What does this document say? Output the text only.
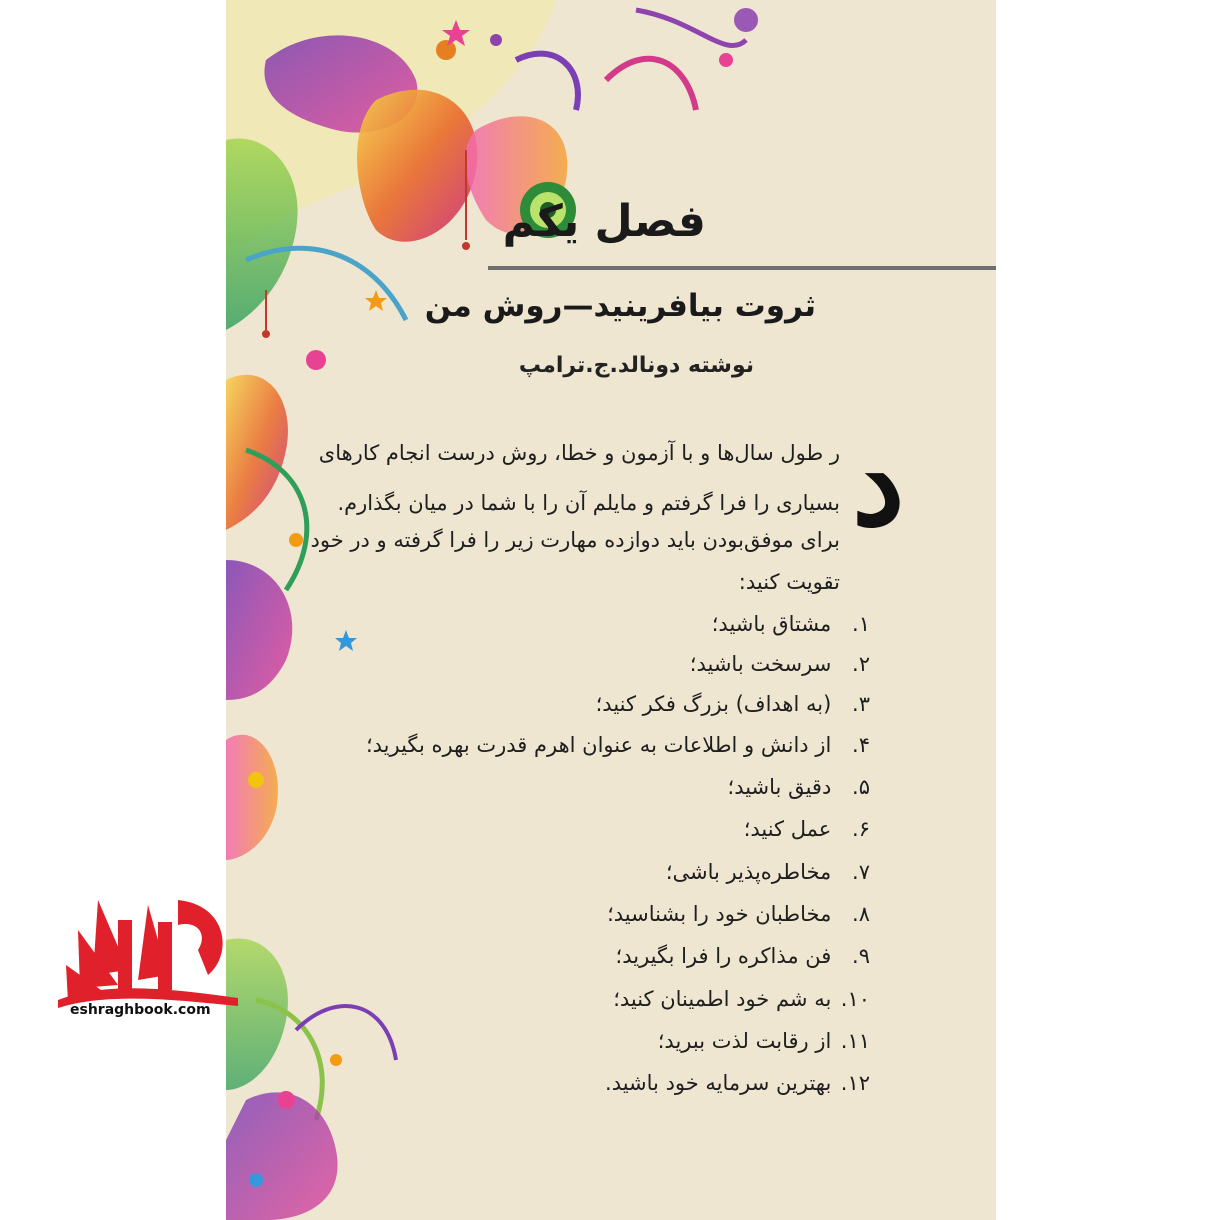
فصل یکم
ثروت بیافرینید—روش من
نوشته دونالد.ج.ترامپ
د
ر طول سال‌ها و با آزمون و خطا، روش درست انجام کارهای
بسیاری را فرا گرفتم و مایلم آن را با شما در میان بگذارم.
برای موفق‌بودن باید دوازده مهارت زیر را فرا گرفته و در خود
تقویت کنید:
۱. مشتاق باشید؛
۲. سرسخت باشید؛
۳. (به اهداف) بزرگ فکر کنید؛
۴. از دانش و اطلاعات به عنوان اهرم قدرت بهره بگیرید؛
۵. دقیق باشید؛
۶. عمل کنید؛
۷. مخاطره‌پذیر باشی؛
۸. مخاطبان خود را بشناسید؛
۹. فن مذاکره را فرا بگیرید؛
۱۰. به شم خود اطمینان کنید؛
۱۱. از رقابت لذت ببرید؛
۱۲. بهترین سرمایه خود باشید.
eshraghbook.com
